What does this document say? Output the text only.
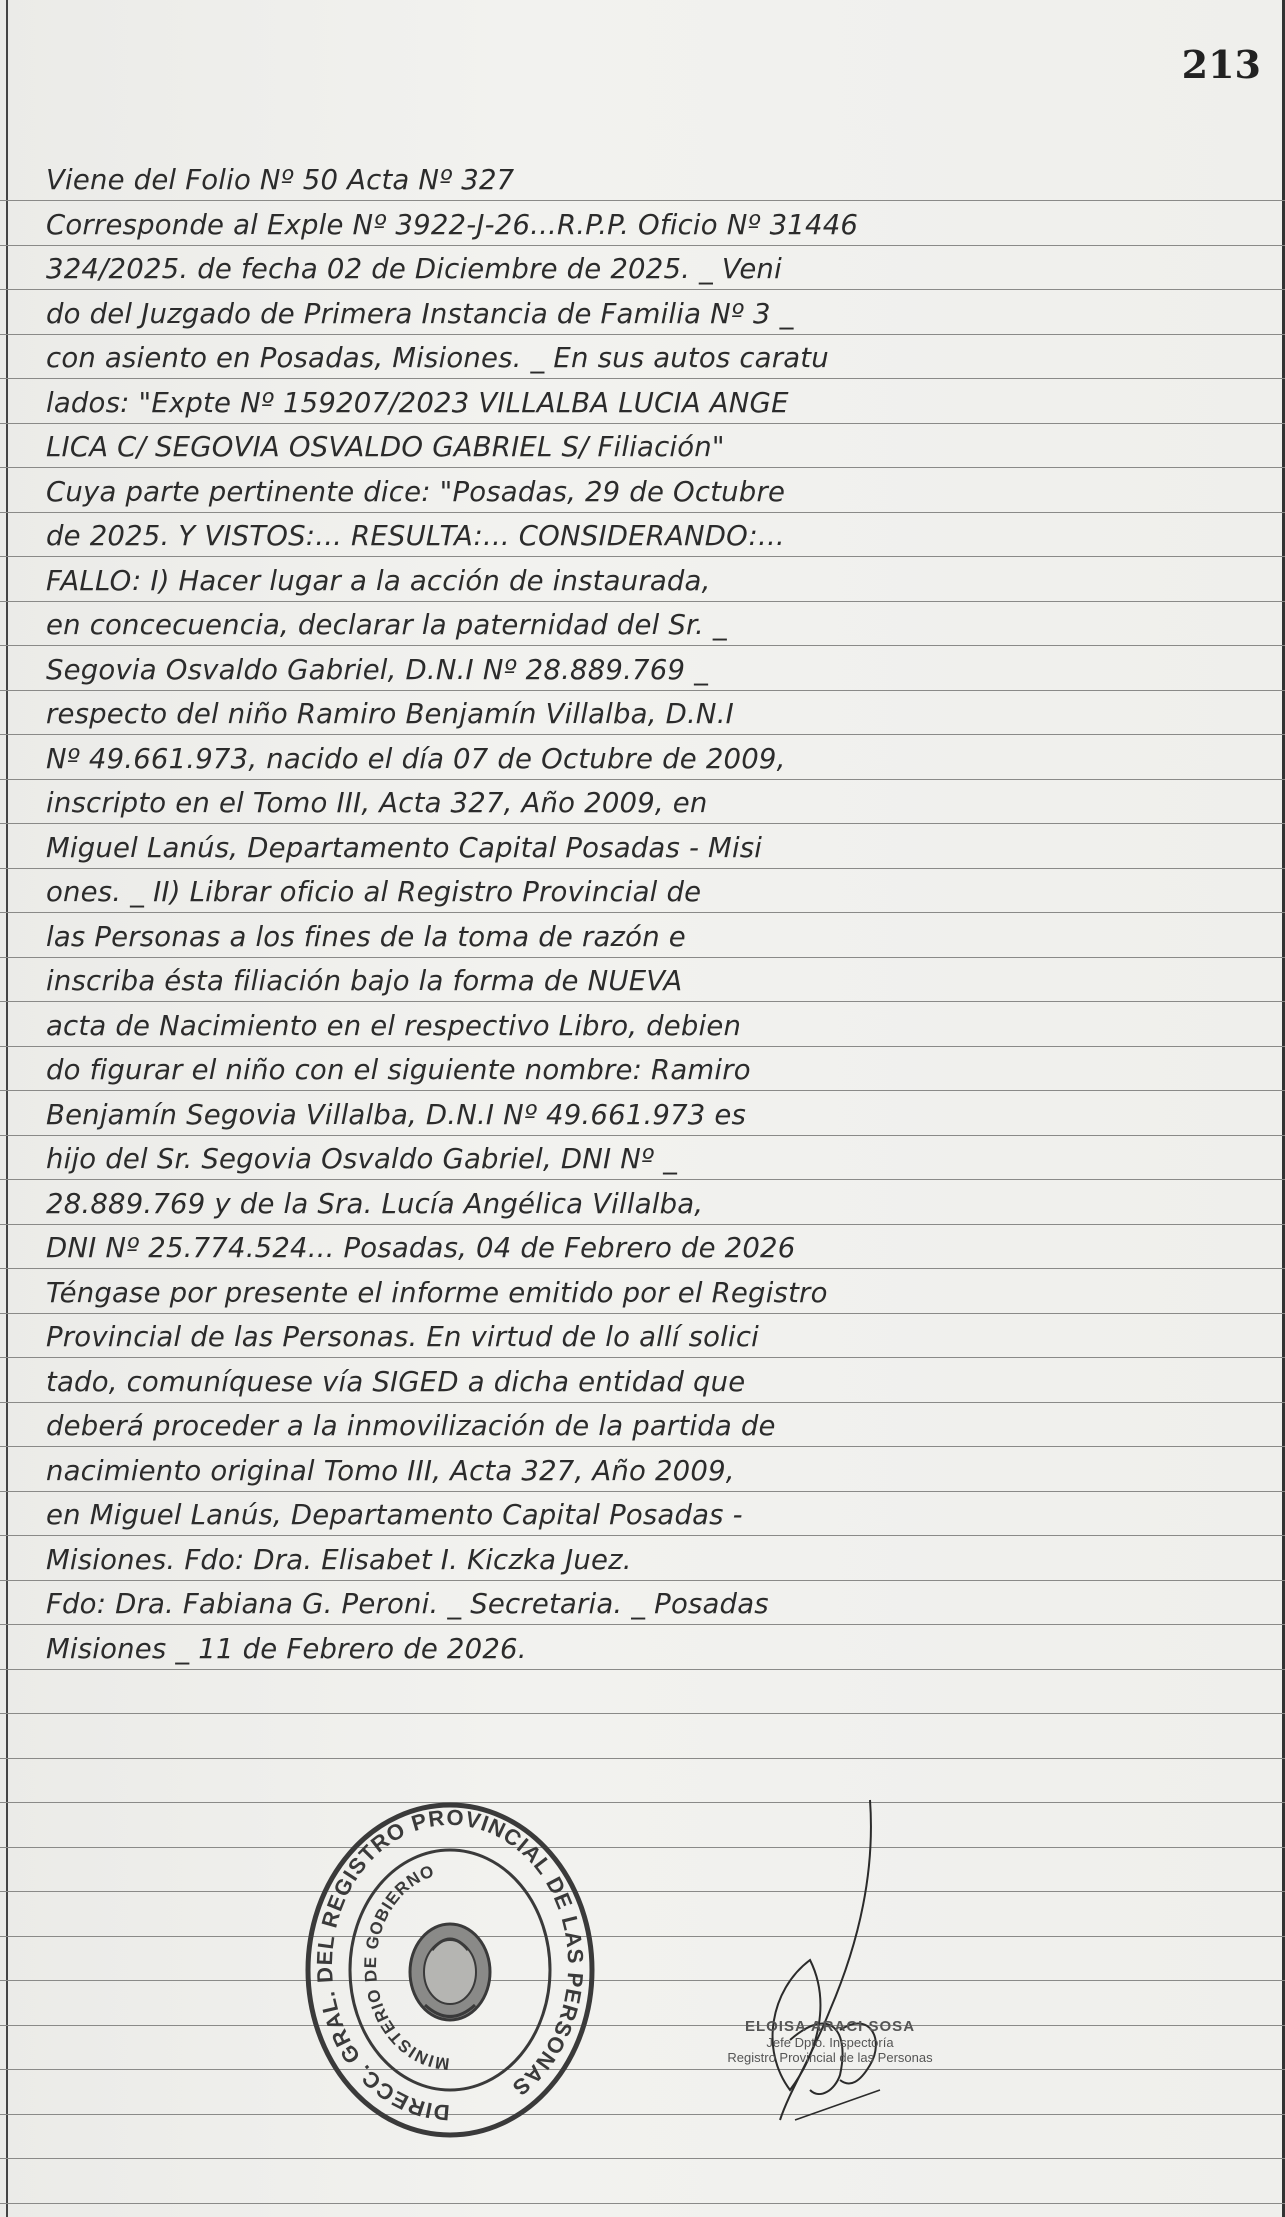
213
Viene del Folio Nº 50 Acta Nº 327
Corresponde al Exple Nº 3922-J-26...R.P.P. Oficio Nº 31446
324/2025. de fecha 02 de Diciembre de 2025. _ Veni
do del Juzgado de Primera Instancia de Familia Nº 3 _
con asiento en Posadas, Misiones. _ En sus autos caratu
lados: "Expte Nº 159207/2023 VILLALBA LUCIA ANGE
LICA C/ SEGOVIA OSVALDO GABRIEL S/ Filiación"
Cuya parte pertinente dice: "Posadas, 29 de Octubre
de 2025. Y VISTOS:... RESULTA:... CONSIDERANDO:...
FALLO: I) Hacer lugar a la acción de instaurada,
en concecuencia, declarar la paternidad del Sr. _
Segovia Osvaldo Gabriel, D.N.I Nº 28.889.769 _
respecto del niño Ramiro Benjamín Villalba, D.N.I
Nº 49.661.973, nacido el día 07 de Octubre de 2009,
inscripto en el Tomo III, Acta 327, Año 2009, en
Miguel Lanús, Departamento Capital Posadas - Misi
ones. _ II) Librar oficio al Registro Provincial de
las Personas a los fines de la toma de razón e
inscriba ésta filiación bajo la forma de NUEVA
acta de Nacimiento en el respectivo Libro, debien
do figurar el niño con el siguiente nombre: Ramiro
Benjamín Segovia Villalba, D.N.I Nº 49.661.973 es
hijo del Sr. Segovia Osvaldo Gabriel, DNI Nº _
28.889.769 y de la Sra. Lucía Angélica Villalba,
DNI Nº 25.774.524... Posadas, 04 de Febrero de 2026
Téngase por presente el informe emitido por el Registro
Provincial de las Personas. En virtud de lo allí solici
tado, comuníquese vía SIGED a dicha entidad que
deberá proceder a la inmovilización de la partida de
nacimiento original Tomo III, Acta 327, Año 2009,
en Miguel Lanús, Departamento Capital Posadas -
Misiones. Fdo: Dra. Elisabet I. Kiczka Juez.
Fdo: Dra. Fabiana G. Peroni. _ Secretaria. _ Posadas
Misiones _ 11 de Febrero de 2026.
DIRECC. GRAL. DEL REGISTRO PROVINCIAL DE LAS PERSONAS
MINISTERIO DE GOBIERNO
ELOISA ARACI SOSA
Jefe Dpto. Inspectoría
Registro Provincial de las Personas
